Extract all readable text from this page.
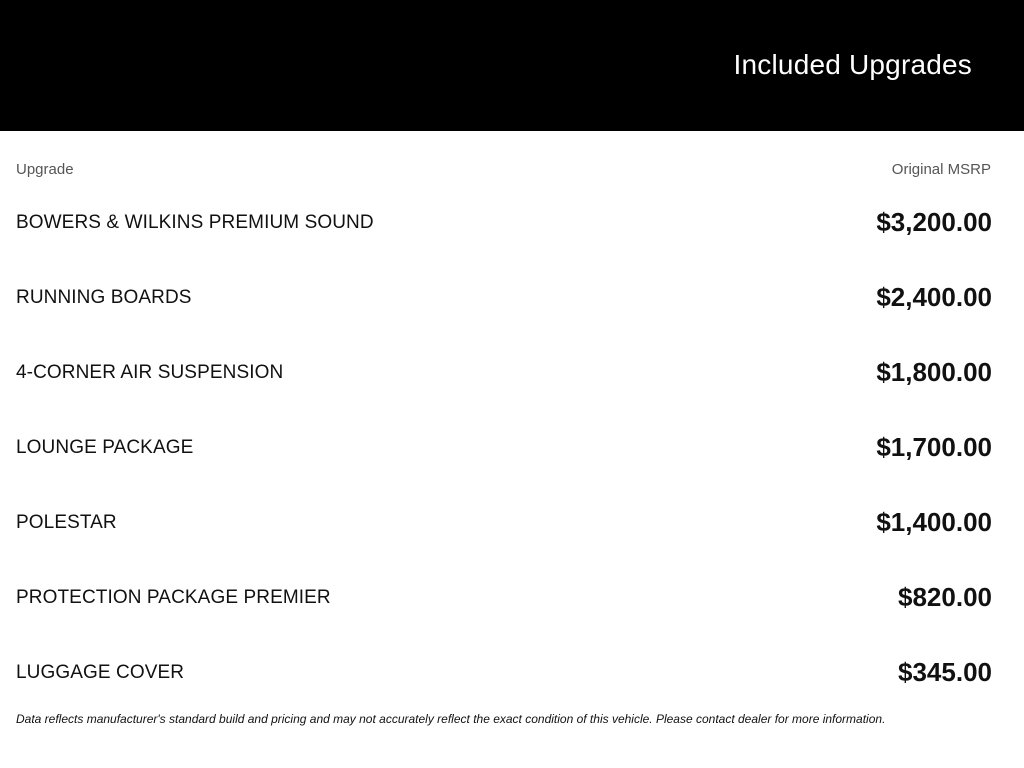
Included Upgrades
Upgrade	Original MSRP
BOWERS & WILKINS PREMIUM SOUND	$3,200.00
RUNNING BOARDS	$2,400.00
4-CORNER AIR SUSPENSION	$1,800.00
LOUNGE PACKAGE	$1,700.00
POLESTAR	$1,400.00
PROTECTION PACKAGE PREMIER	$820.00
LUGGAGE COVER	$345.00
Data reflects manufacturer's standard build and pricing and may not accurately reflect the exact condition of this vehicle. Please contact dealer for more information.
